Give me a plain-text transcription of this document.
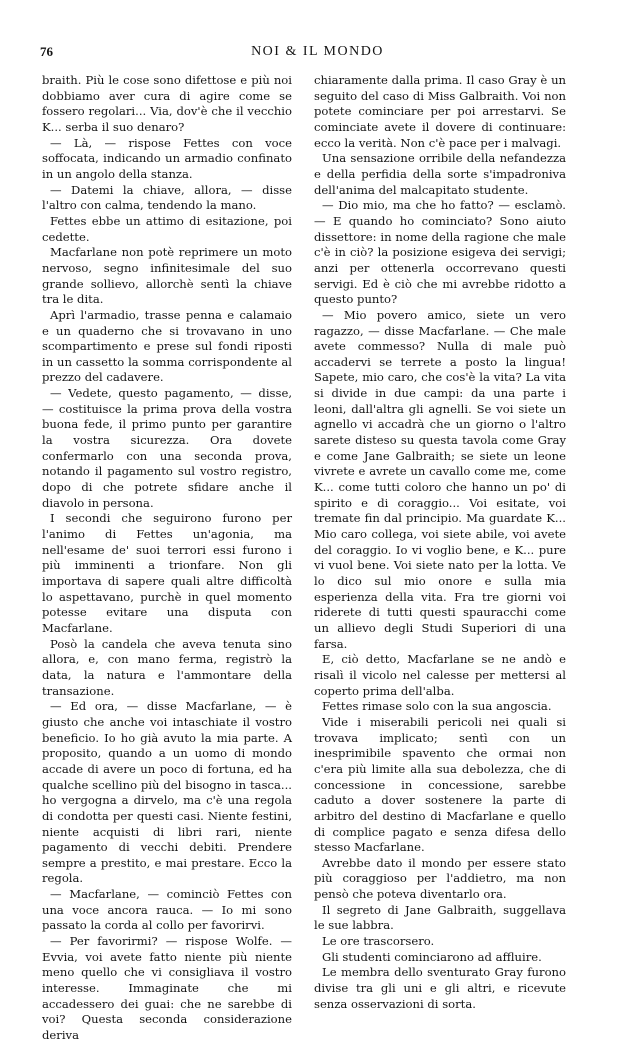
76	NOI & IL MONDO

braith. Più le cose sono difettose e più noi dobbiamo aver cura di agire come se fossero regolari... Via, dov'è che il vecchio K... serba il suo denaro?

— Là, — rispose Fettes con voce soffocata, indicando un armadio confinato in un angolo della stanza.

— Datemi la chiave, allora, — disse l'altro con calma, tendendo la mano.

Fettes ebbe un attimo di esitazione, poi cedette.

Macfarlane non potè reprimere un moto nervoso, segno infinitesimale del suo grande sollievo, allorchè sentì la chiave tra le dita.

Aprì l'armadio, trasse penna e calamaio e un quaderno che si trovavano in uno scompartimento e prese sul fondi riposti in un cassetto la somma corrispondente al prezzo del cadavere.

— Vedete, questo pagamento, — disse, — costituisce la prima prova della vostra buona fede, il primo punto per garantire la vostra sicurezza. Ora dovete confermarlo con una seconda prova, notando il pagamento sul vostro registro, dopo di che potrete sfidare anche il diavolo in persona.

I secondi che seguirono furono per l'animo di Fettes un'agonia, ma nell'esame de' suoi terrori essi furono i più imminenti a trionfare. Non gli importava di sapere quali altre difficoltà lo aspettavano, purchè in quel momento potesse evitare una disputa con Macfarlane.

Posò la candela che aveva tenuta sino allora, e, con mano ferma, registrò la data, la natura e l'ammontare della transazione.

— Ed ora, — disse Macfarlane, — è giusto che anche voi intaschiate il vostro beneficio. Io ho già avuto la mia parte. A proposito, quando a un uomo di mondo accade di avere un poco di fortuna, ed ha qualche scellino più del bisogno in tasca... ho vergogna a dirvelo, ma c'è una regola di condotta per questi casi. Niente festini, niente acquisti di libri rari, niente pagamento di vecchi debiti. Prendere sempre a prestito, e mai prestare. Ecco la regola.

— Macfarlane, — cominciò Fettes con una voce ancora rauca. — Io mi sono passato la corda al collo per favorirvi.

— Per favorirmi? — rispose Wolfe. — Evvia, voi avete fatto niente più niente meno quello che vi consigliava il vostro interesse. Immaginate che mi accadessero dei guai: che ne sarebbe di voi? Questa seconda considerazione deriva

chiaramente dalla prima. Il caso Gray è un seguito del caso di Miss Galbraith. Voi non potete cominciare per poi arrestarvi. Se cominciate avete il dovere di continuare: ecco la verità. Non c'è pace per i malvagi.

Una sensazione orribile della nefandezza e della perfidia della sorte s'impadroniva dell'anima del malcapitato studente.

— Dio mio, ma che ho fatto? — esclamò. — E quando ho cominciato? Sono aiuto dissettore: in nome della ragione che male c'è in ciò? la posizione esigeva dei servigi; anzi per ottenerla occorrevano questi servigi. Ed è ciò che mi avrebbe ridotto a questo punto?

— Mio povero amico, siete un vero ragazzo, — disse Macfarlane. — Che male avete commesso? Nulla di male può accadervi se terrete a posto la lingua! Sapete, mio caro, che cos'è la vita? La vita si divide in due campi: da una parte i leoni, dall'altra gli agnelli. Se voi siete un agnello vi accadrà che un giorno o l'altro sarete disteso su questa tavola come Gray e come Jane Galbraith; se siete un leone vivrete e avrete un cavallo come me, come K... come tutti coloro che hanno un po' di spirito e di coraggio... Voi esitate, voi tremate fin dal principio. Ma guardate K... Mio caro collega, voi siete abile, voi avete del coraggio. Io vi voglio bene, e K... pure vi vuol bene. Voi siete nato per la lotta. Ve lo dico sul mio onore e sulla mia esperienza della vita. Fra tre giorni voi riderete di tutti questi spauracchi come un allievo degli Studi Superiori di una farsa.

E, ciò detto, Macfarlane se ne andò e risalì il vicolo nel calesse per mettersi al coperto prima dell'alba.

Fettes rimase solo con la sua angoscia.

Vide i miserabili pericoli nei quali si trovava implicato; sentì con un inesprimibile spavento che ormai non c'era più limite alla sua debolezza, che di concessione in concessione, sarebbe caduto a dover sostenere la parte di arbitro del destino di Macfarlane e quello di complice pagato e senza difesa dello stesso Macfarlane.

Avrebbe dato il mondo per essere stato più coraggioso per l'addietro, ma non pensò che poteva diventarlo ora.

Il segreto di Jane Galbraith, suggellava le sue labbra.

Le ore trascorsero.

Gli studenti cominciarono ad affluire.

Le membra dello sventurato Gray furono divise tra gli uni e gli altri, e ricevute senza osservazioni di sorta.
